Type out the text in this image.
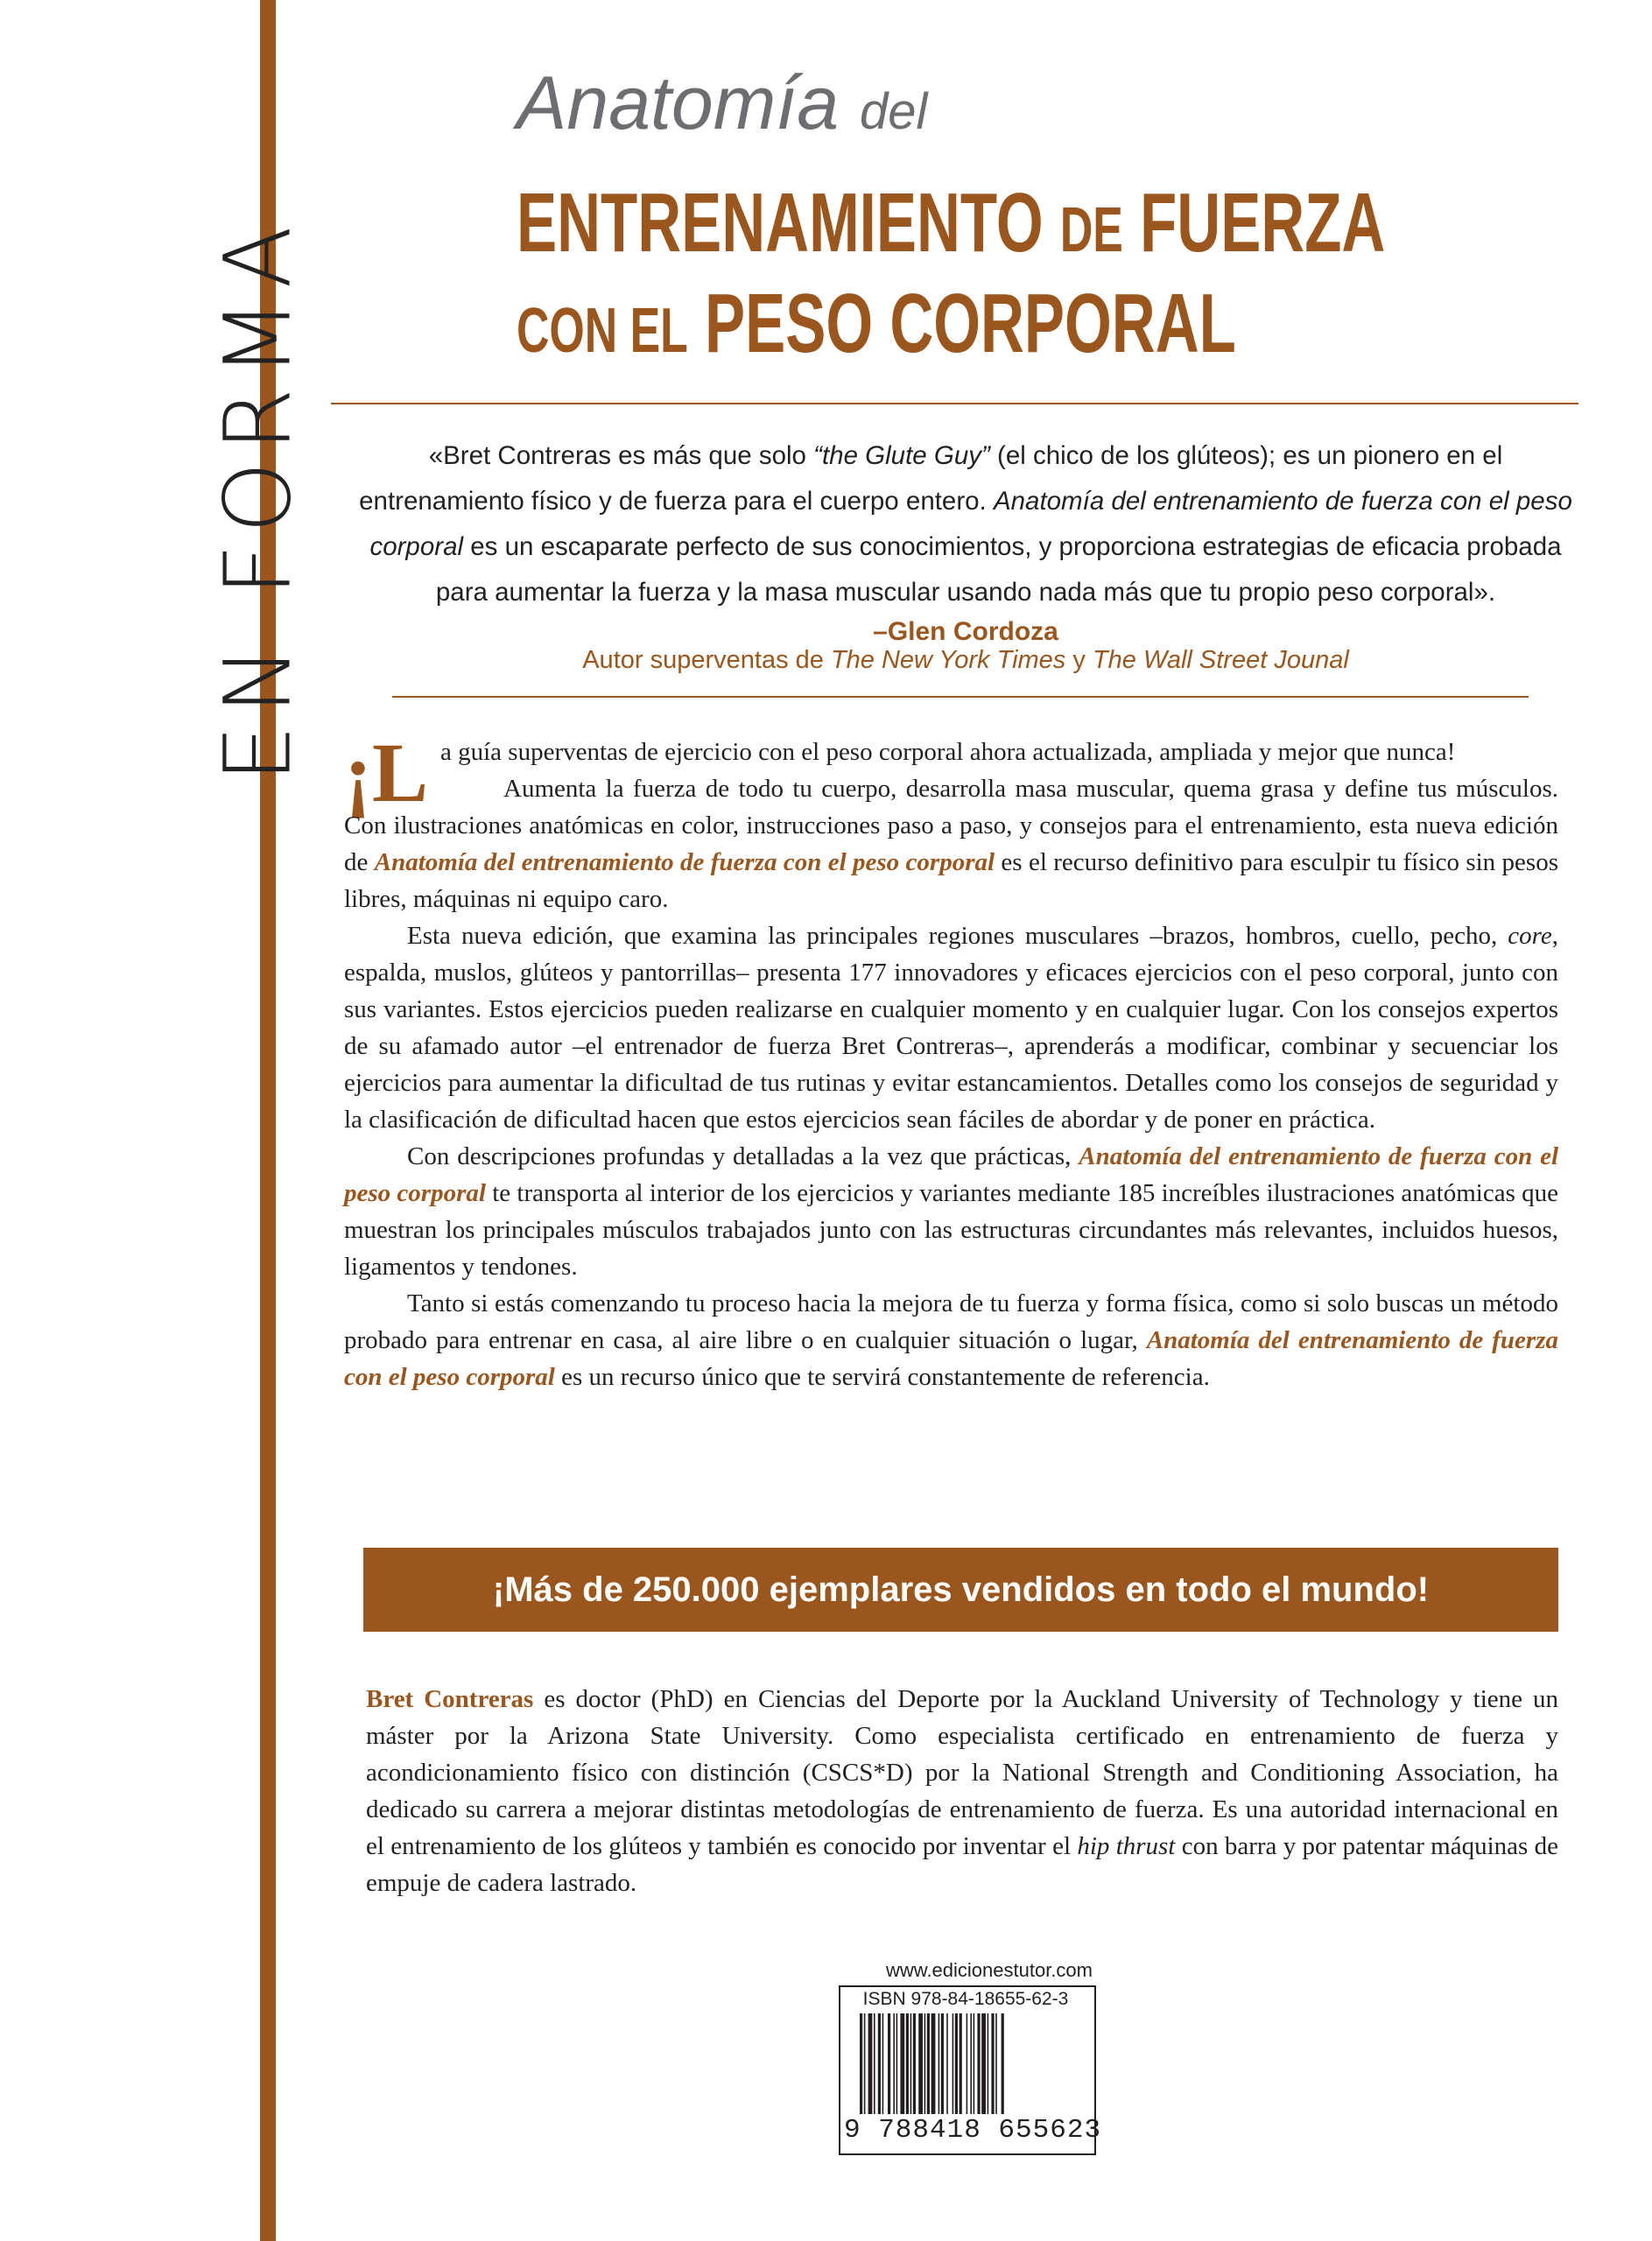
EN FORMA
Anatomía del
ENTRENAMIENTO DE FUERZA
CON EL PESO CORPORAL
«Bret Contreras es más que solo “the Glute Guy” (el chico de los glúteos); es un pionero en el entrenamiento físico y de fuerza para el cuerpo entero. Anatomía del entrenamiento de fuerza con el peso corporal es un escaparate perfecto de sus conocimientos, y proporciona estrategias de eficacia probada para aumentar la fuerza y la masa muscular usando nada más que tu propio peso corporal».
–Glen Cordoza
Autor superventas de The New York Times y The Wall Street Jounal

¡L a guía superventas de ejercicio con el peso corporal ahora actualizada, ampliada y mejor que nunca!

Aumenta la fuerza de todo tu cuerpo, desarrolla masa muscular, quema grasa y define tus músculos. Con ilustraciones anatómicas en color, instrucciones paso a paso, y consejos para el entrenamiento, esta nueva edición de Anatomía del entrenamiento de fuerza con el peso corporal es el recurso definitivo para esculpir tu físico sin pesos libres, máquinas ni equipo caro.

Esta nueva edición, que examina las principales regiones musculares –brazos, hombros, cuello, pecho, core, espalda, muslos, glúteos y pantorrillas– presenta 177 innovadores y eficaces ejercicios con el peso corporal, junto con sus variantes. Estos ejercicios pueden realizarse en cualquier momento y en cualquier lugar. Con los consejos expertos de su afamado autor –el entrenador de fuerza Bret Contreras–, aprenderás a modificar, combinar y secuenciar los ejercicios para aumentar la dificultad de tus rutinas y evitar estancamientos. Detalles como los consejos de seguridad y la clasificación de dificultad hacen que estos ejercicios sean fáciles de abordar y de poner en práctica.

Con descripciones profundas y detalladas a la vez que prácticas, Anatomía del entrenamiento de fuerza con el peso corporal te transporta al interior de los ejercicios y variantes mediante 185 increíbles ilustraciones anatómicas que muestran los principales músculos trabajados junto con las estructuras circundantes más relevantes, incluidos huesos, ligamentos y tendones.

Tanto si estás comenzando tu proceso hacia la mejora de tu fuerza y forma física, como si solo buscas un método probado para entrenar en casa, al aire libre o en cualquier situación o lugar, Anatomía del entrenamiento de fuerza con el peso corporal es un recurso único que te servirá constantemente de referencia.

¡Más de 250.000 ejemplares vendidos en todo el mundo!

Bret Contreras es doctor (PhD) en Ciencias del Deporte por la Auckland University of Technology y tiene un máster por la Arizona State University. Como especialista certificado en entrenamiento de fuerza y acondicionamiento físico con distinción (CSCS*D) por la National Strength and Conditioning Association, ha dedicado su carrera a mejorar distintas metodologías de entrenamiento de fuerza. Es una autoridad internacional en el entrenamiento de los glúteos y también es conocido por inventar el hip thrust con barra y por patentar máquinas de empuje de cadera lastrado.

www.edicionestutor.com
ISBN 978-84-18655-62-3
9 788418 655623
